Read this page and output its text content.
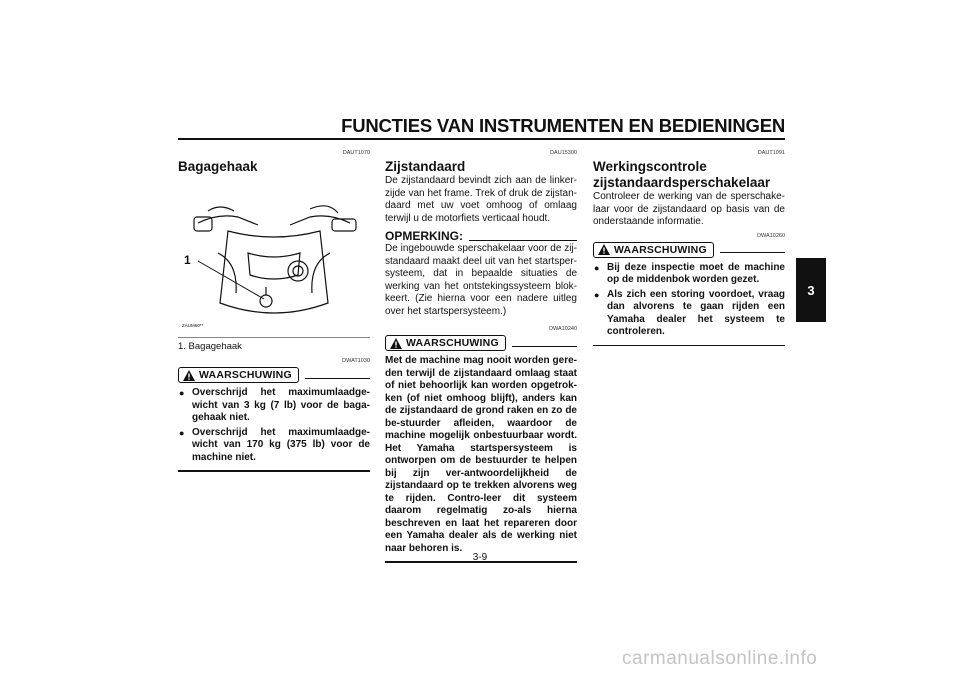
FUNCTIES VAN INSTRUMENTEN EN BEDIENINGEN
3
DAUT1070
Bagagehaak
1
ZAUM60**
1. Bagagehaak
DWAT1030
WAARSCHUWING
● Overschrijd het maximumlaadge-wicht van 3 kg (7 lb) voor de baga-gehaak niet.
● Overschrijd het maximumlaadge-wicht van 170 kg (375 lb) voor de machine niet.
DAU15300
Zijstandaard
De zijstandaard bevindt zich aan de linker-zijde van het frame. Trek of druk de zijstan-daard met uw voet omhoog of omlaag terwijl u de motorfiets verticaal houdt.
OPMERKING:
De ingebouwde sperschakelaar voor de zij-standaard maakt deel uit van het startsper-systeem, dat in bepaalde situaties de werking van het ontstekingssysteem blok-keert. (Zie hierna voor een nadere uitleg over het startspersysteem.)
DWA10240
WAARSCHUWING
Met de machine mag nooit worden gere-den terwijl de zijstandaard omlaag staat of niet behoorlijk kan worden opgetrok-ken (of niet omhoog blijft), anders kan de zijstandaard de grond raken en zo de be-stuurder afleiden, waardoor de machine mogelijk onbestuurbaar wordt. Het Yamaha startspersysteem is ontworpen om de bestuurder te helpen bij zijn ver-antwoordelijkheid de zijstandaard op te trekken alvorens weg te rijden. Contro-leer dit systeem daarom regelmatig zo-als hierna beschreven en laat het repareren door een Yamaha dealer als de werking niet naar behoren is.
DAUT1091
Werkingscontrole zijstandaardsperschakelaar
Controleer de werking van de sperschake-laar voor de zijstandaard op basis van de onderstaande informatie.
DWA10260
WAARSCHUWING
● Bij deze inspectie moet de machine op de middenbok worden gezet.
● Als zich een storing voordoet, vraag dan alvorens te gaan rijden een Yamaha dealer het systeem te controleren.
3-9
carmanualsonline.info
